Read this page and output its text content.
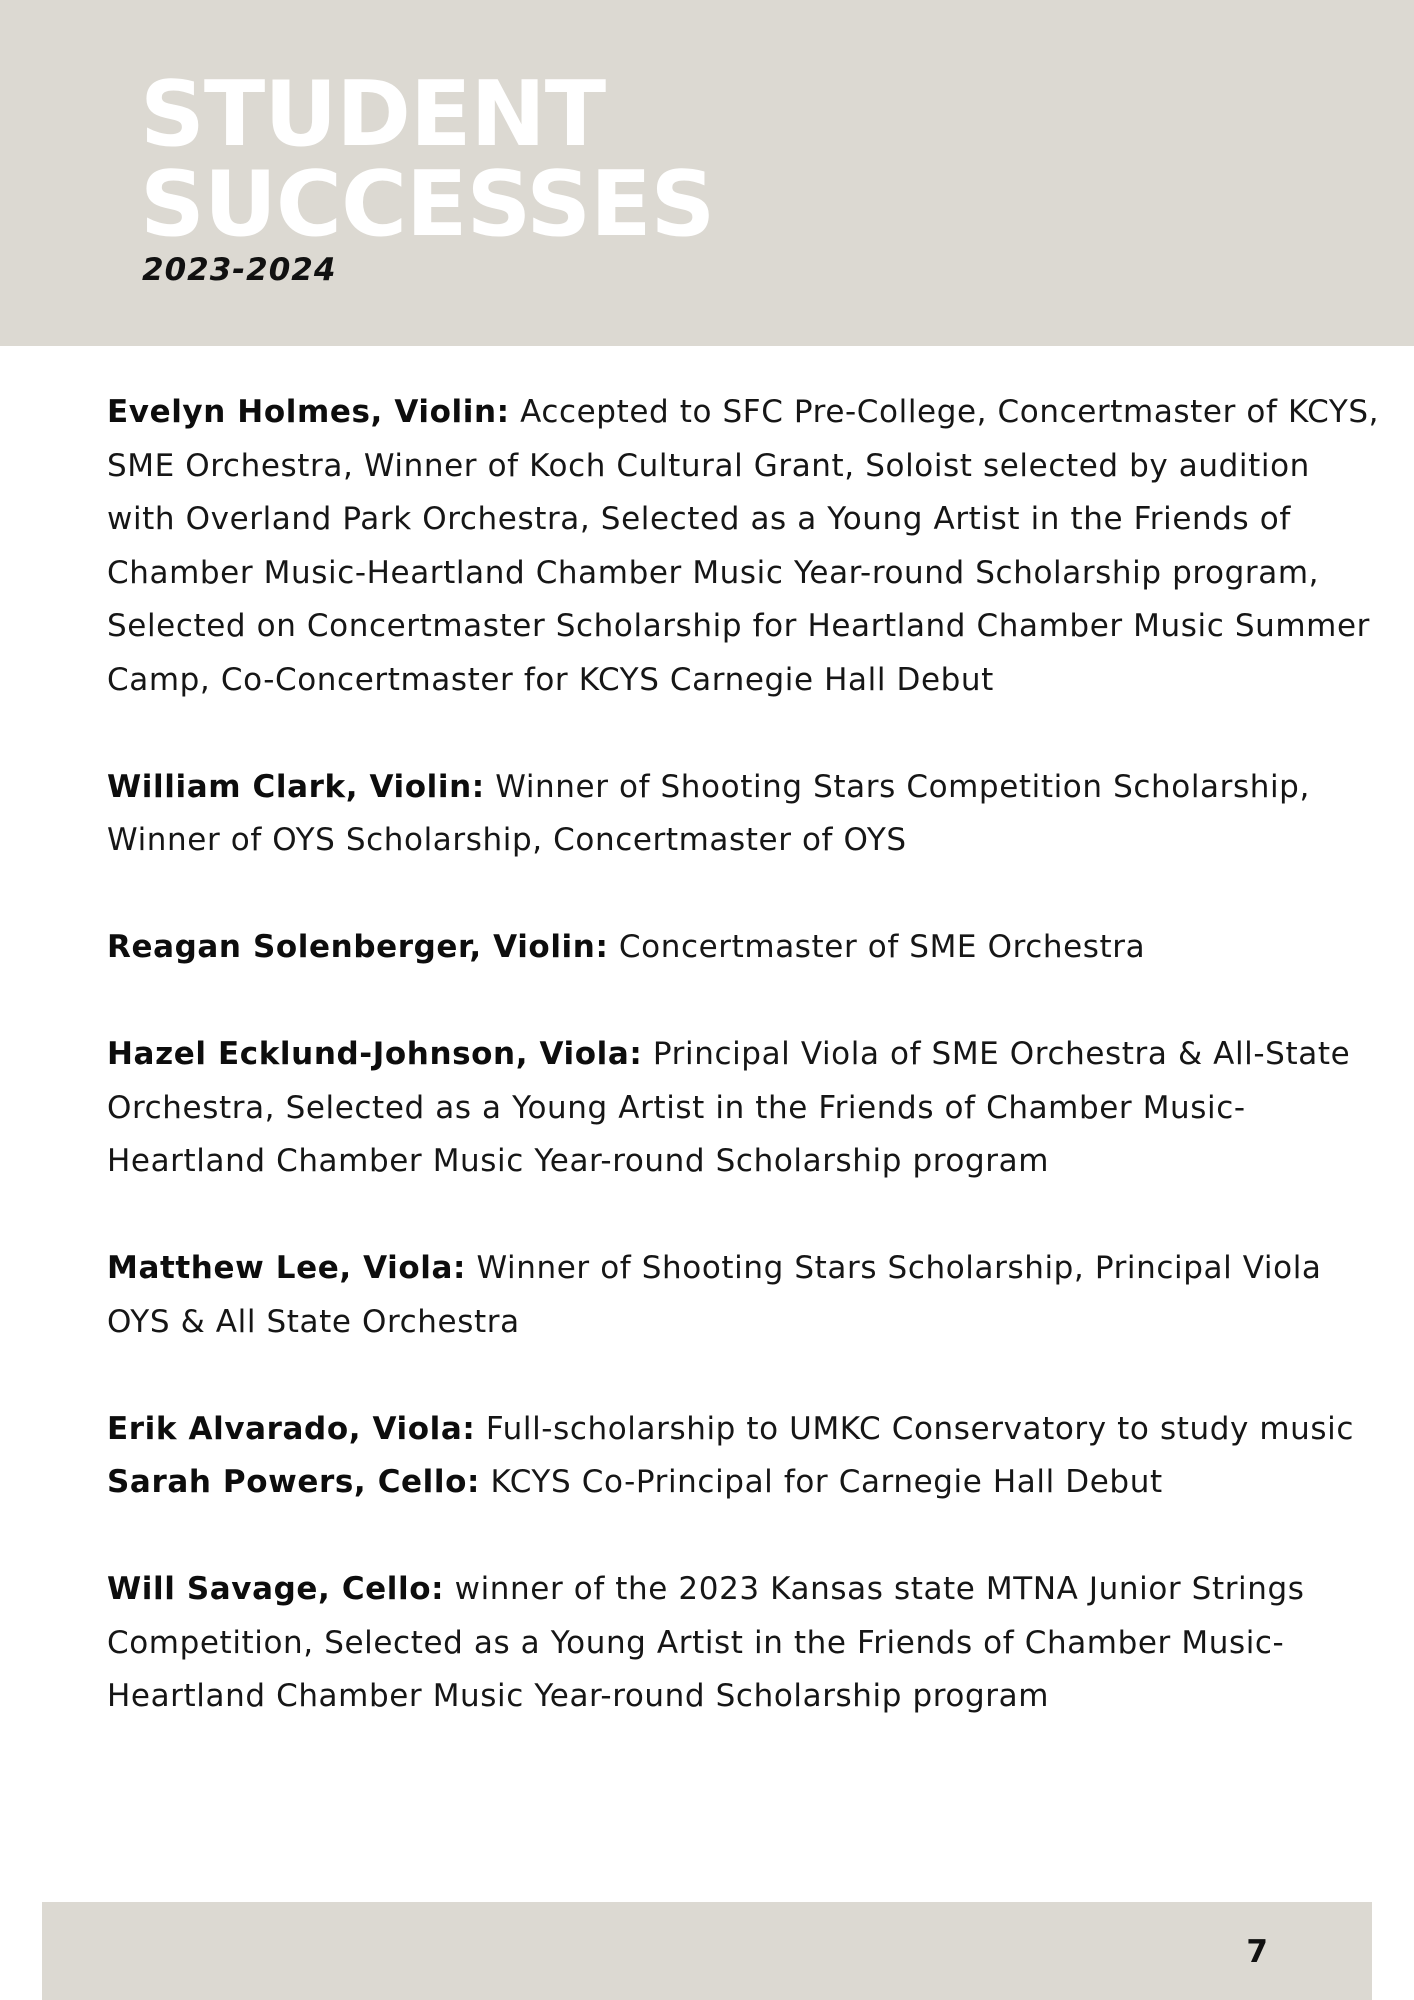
STUDENT
SUCCESSES
2023-2024

Evelyn Holmes, Violin: Accepted to SFC Pre-College, Concertmaster of KCYS, SME Orchestra, Winner of Koch Cultural Grant, Soloist selected by audition with Overland Park Orchestra, Selected as a Young Artist in the Friends of Chamber Music-Heartland Chamber Music Year-round Scholarship program, Selected on Concertmaster Scholarship for Heartland Chamber Music Summer Camp, Co-Concertmaster for KCYS Carnegie Hall Debut

William Clark, Violin: Winner of Shooting Stars Competition Scholarship, Winner of OYS Scholarship, Concertmaster of OYS

Reagan Solenberger, Violin: Concertmaster of SME Orchestra

Hazel Ecklund-Johnson, Viola: Principal Viola of SME Orchestra & All-State Orchestra, Selected as a Young Artist in the Friends of Chamber Music-Heartland Chamber Music Year-round Scholarship program

Matthew Lee, Viola: Winner of Shooting Stars Scholarship, Principal Viola OYS & All State Orchestra

Erik Alvarado, Viola: Full-scholarship to UMKC Conservatory to study music

Sarah Powers, Cello: KCYS Co-Principal for Carnegie Hall Debut

Will Savage, Cello: winner of the 2023 Kansas state MTNA Junior Strings Competition, Selected as a Young Artist in the Friends of Chamber Music-Heartland Chamber Music Year-round Scholarship program

7
